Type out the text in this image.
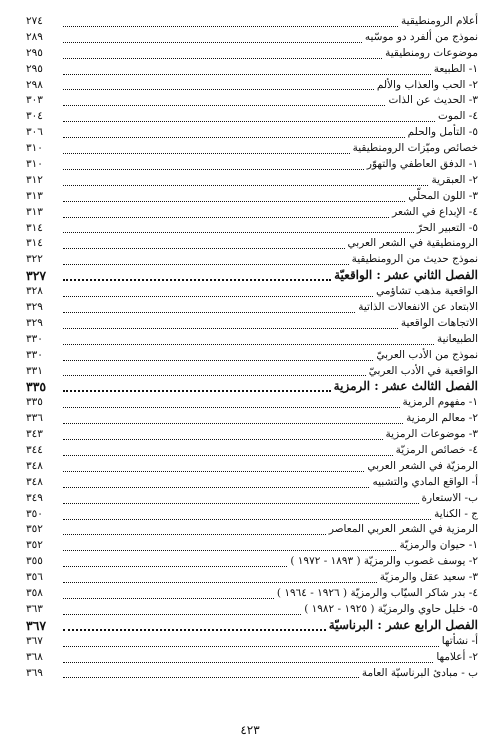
أعلام الرومنطيقية
٢٧٤
نموذج من ألفرد دو موسّيه
٢٨٩
موضوعات رومنطيقية
٢٩٥
١- الطبيعة
٢٩٥
٢- الحب والعذاب والألم
٢٩٨
٣- الحديث عن الذات
٣٠٣
٤- الموت
٣٠٤
٥- التأمل والحلم
٣٠٦
خصائص وميّزات الرومنطيقية
٣١٠
١- الدفق العاطفي والتهوّر
٣١٠
٢- العبقرية
٣١٢
٣- اللون المحلّي
٣١٣
٤- الإبداع في الشعر
٣١٣
٥- التعبير الحرّ
٣١٤
الرومنطيقية في الشعر العربي
٣١٤
نموذج حديث من الرومنطيقية
٣٢٢
الفصل الثاني عشر : الواقعيّة
٣٢٧
الواقعية مذهب تشاؤمي
٣٢٨
الابتعاد عن الانفعالات الذاتية
٣٢٩
الاتجاهات الواقعية
٣٢٩
الطبيعانية
٣٣٠
نموذج من الأدب العربيّ
٣٣٠
الواقعية في الأدب العربيّ
٣٣١
الفصل الثالث عشر : الرمزية
٣٣٥
١- مفهوم الرمزية
٣٣٥
٢- معالم الرمزية
٣٣٦
٣- موضوعات الرمزية
٣٤٣
٤- خصائص الرمزيّة
٣٤٤
الرمزيّة في الشعر العربي
٣٤٨
أ- الواقع المادي والتشبيه
٣٤٨
ب- الاستعارة
٣٤٩
ج - الكناية
٣٥٠
الرمزية في الشعر العربي المعاصر
٣٥٢
١- حيوان والرمزيّة
٣٥٢
٢- يوسف غصوب والرمزيّة ( ١٨٩٣ - ١٩٧٢ )
٣٥٥
٣- سعيد عقل والرمزيّة
٣٥٦
٤- بدر شاكر السيّاب والرمزيّة ( ١٩٢٦ - ١٩٦٤ )
٣٥٨
٥- خليل حاوي والرمزيّة ( ١٩٢٥ - ١٩٨٢ )
٣٦٣
الفصل الرابع عشر : البرناسيّة
٣٦٧
أ- نشأتها
٣٦٧
٢- أعلامها
٣٦٨
ب - مبادئ البرناسيّة العامة
٣٦٩
٤٢٣
